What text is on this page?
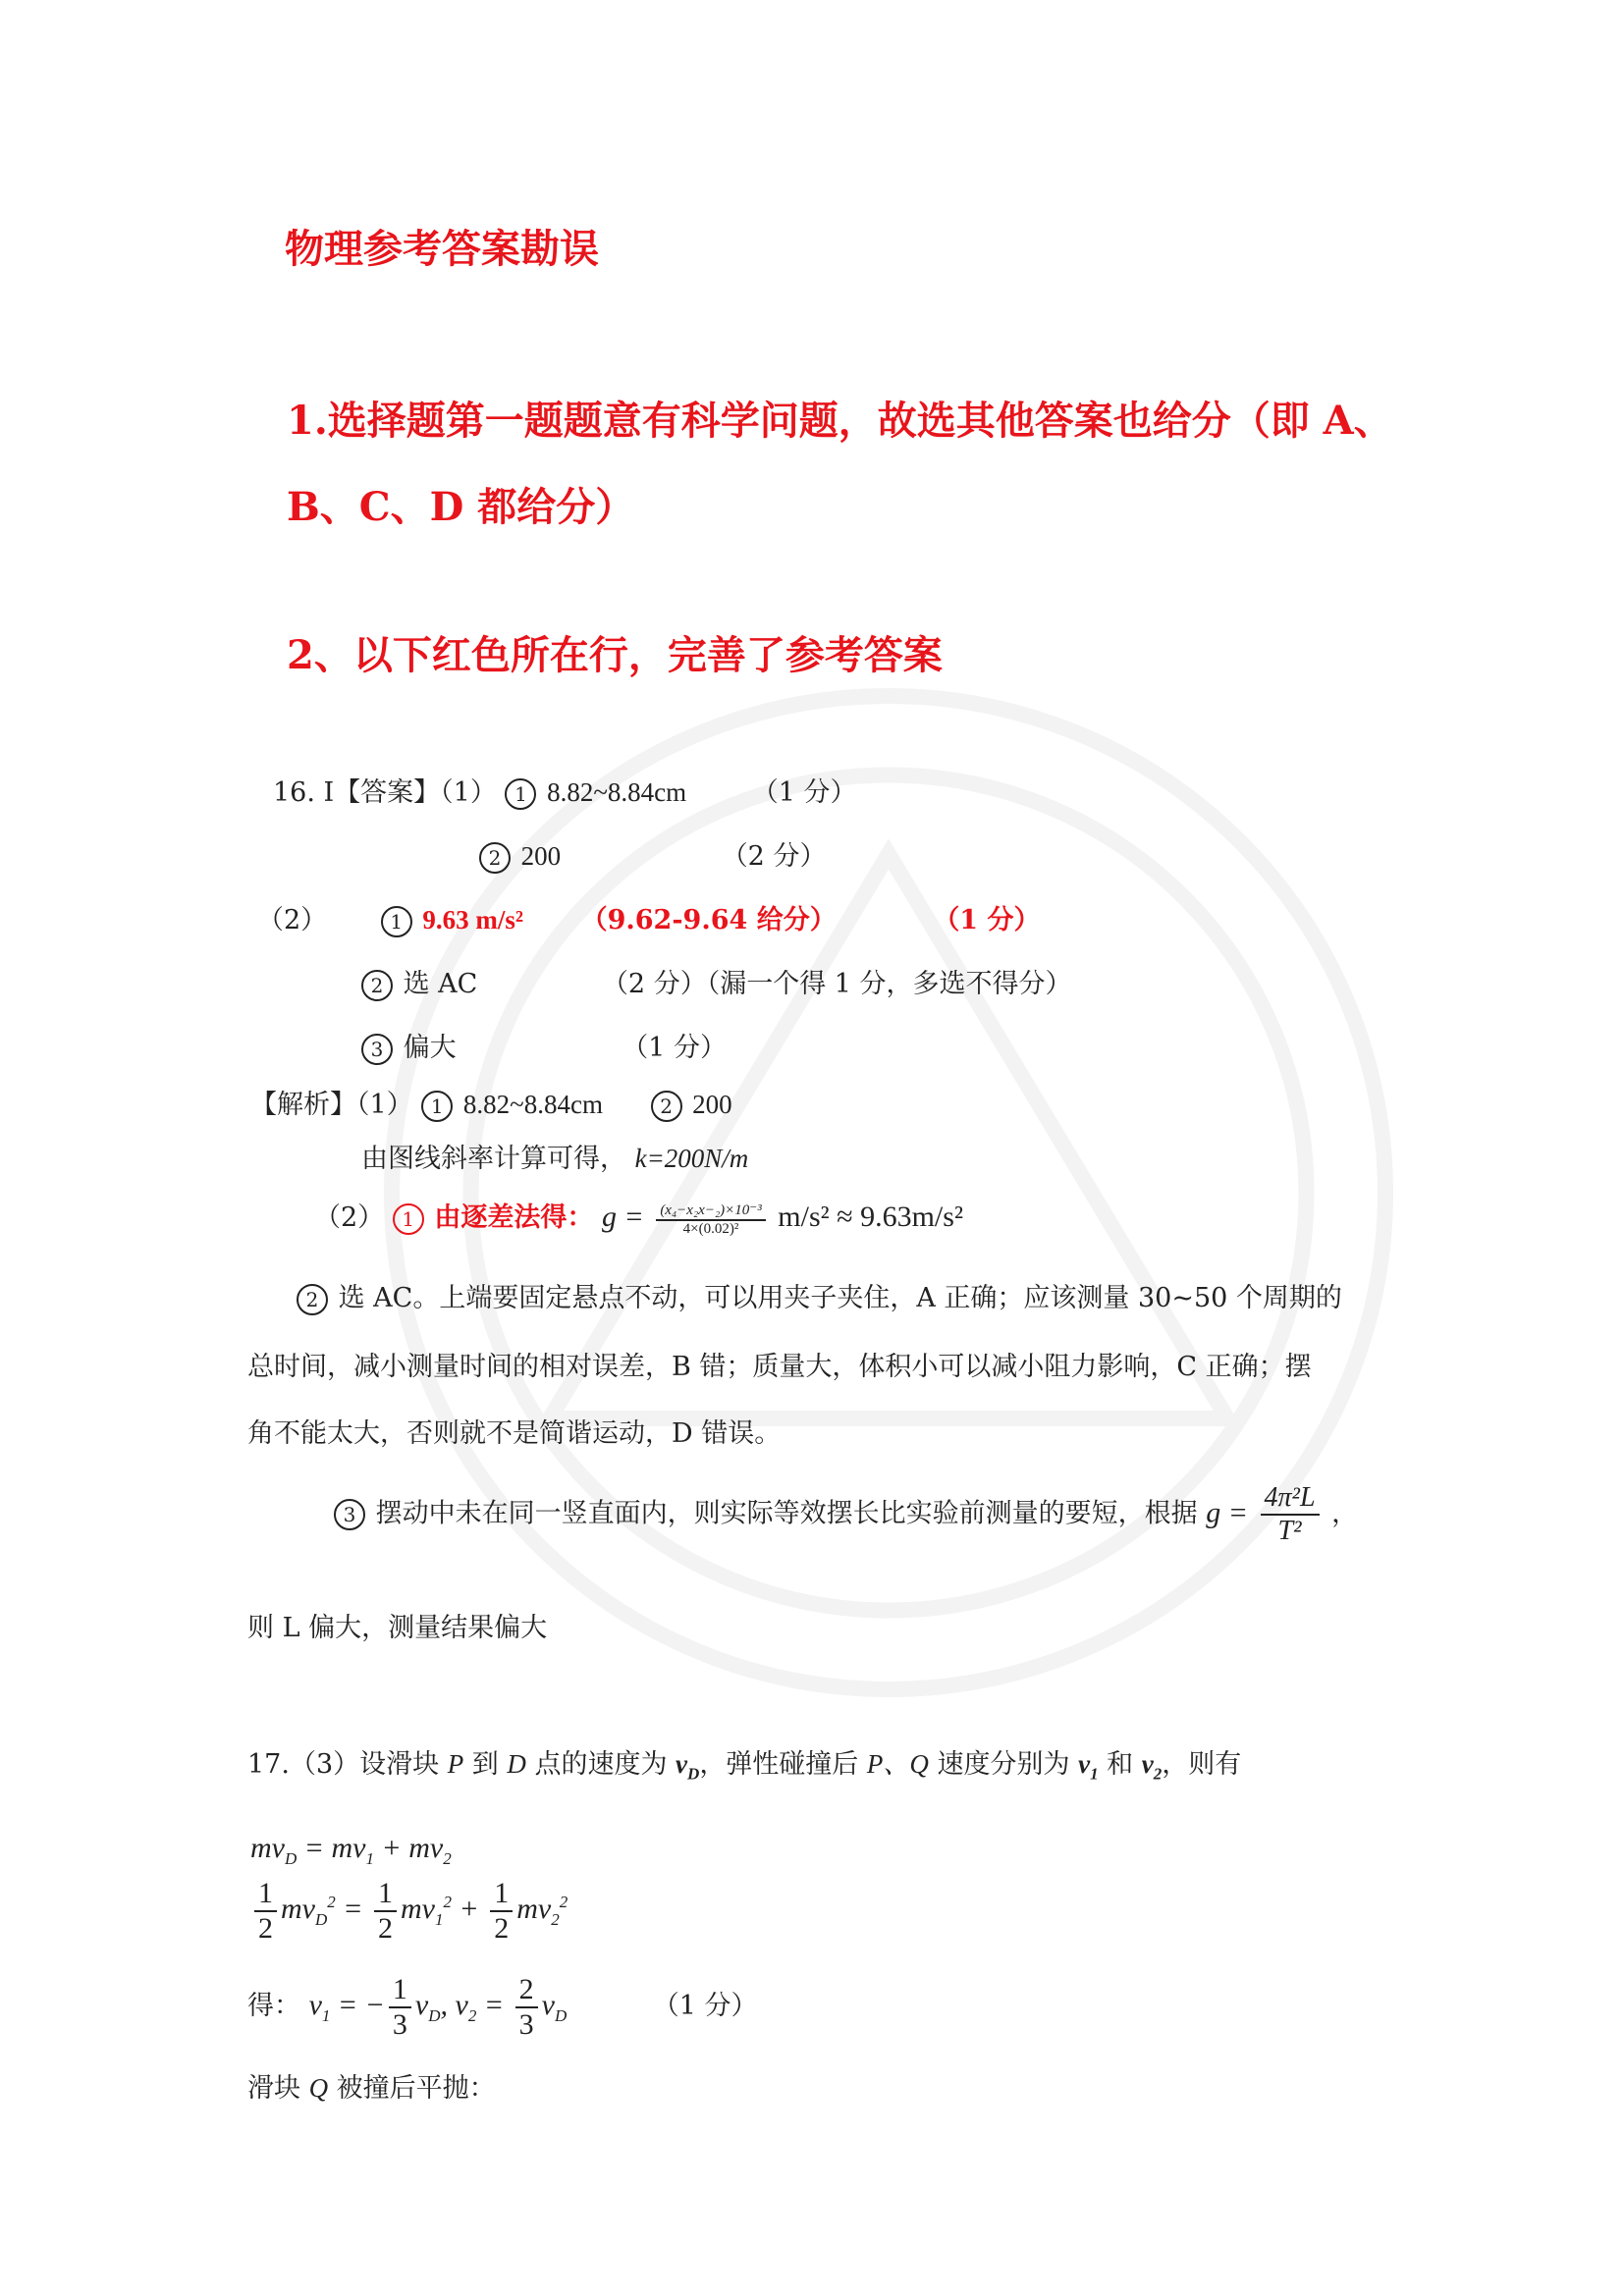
物理参考答案勘误
1.选择题第一题题意有科学问题，故选其他答案也给分（即 A、
B、C、D 都给分）
2、以下红色所在行，完善了参考答案
16. Ⅰ【答案】（1） 1 8.82~8.84cm （1 分）
2 200	（2 分）
（2）	1 9.63 m/s² （9.62-9.64 给分）	（1 分）
2 选 AC	（2 分）（漏一个得 1 分，多选不得分）
3 偏大	（1 分）
【解析】（1） 1 8.82~8.84cm	2 200
由图线斜率计算可得， k=200N/m
（2） 1 由逐差法得： $g = \frac{\text{(x₄−x₂x−₂)×10⁻³}}{\text{4×(0.02)²}} m/s^2 \approx 9.63m/s^2$
2 选 AC。上端要固定悬点不动，可以用夹子夹住，A 正确；应该测量 30~50 个周期的
总时间，减小测量时间的相对误差，B 错；质量大，体积小可以减小阻力影响，C 正确；摆
角不能太大，否则就不是简谐运动，D 错误。
3 摆动中未在同一竖直面内，则实际等效摆长比实验前测量的要短，根据 $g = \frac{\text{4π²L}}{\text{T²}}$ ，
则 L 偏大，测量结果偏大
17.（3）设滑块 P 到 D 点的速度为 $v_D$，弹性碰撞后 P、Q 速度分别为 $v_1$ 和 $v_2$，则有
$mv_D = mv_1 + mv_2$
$\frac{1}{2} mv_D^2 = \frac{1}{2} mv_1^2 + \frac{1}{2} mv_2^2$
得： $v_1$ = − $\frac{1}{3} v_D$, $v_2 = \frac{2}{3} v_D$	（1 分）
滑块 Q 被撞后平抛：
